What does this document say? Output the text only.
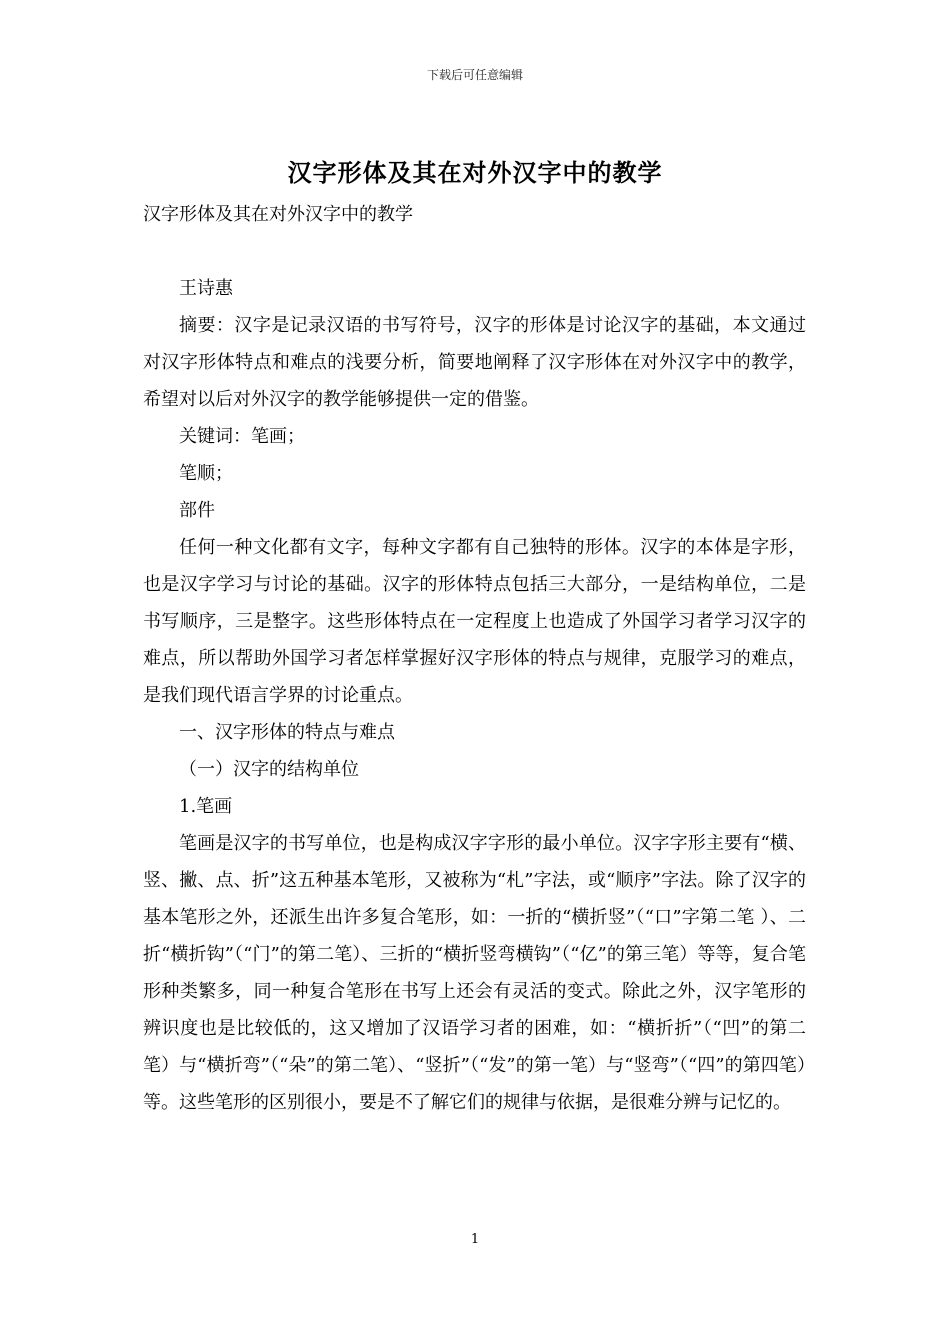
下载后可任意编辑
汉字形体及其在对外汉字中的教学
汉字形体及其在对外汉字中的教学

王诗惠

摘要：汉字是记录汉语的书写符号，汉字的形体是讨论汉字的基础，本文通过对汉字形体特点和难点的浅要分析，简要地阐释了汉字形体在对外汉字中的教学，希望对以后对外汉字的教学能够提供一定的借鉴。

关键词：笔画；

笔顺；

部件

任何一种文化都有文字，每种文字都有自己独特的形体。汉字的本体是字形，也是汉字学习与讨论的基础。汉字的形体特点包括三大部分，一是结构单位，二是书写顺序，三是整字。这些形体特点在一定程度上也造成了外国学习者学习汉字的难点，所以帮助外国学习者怎样掌握好汉字形体的特点与规律，克服学习的难点，是我们现代语言学界的讨论重点。

一、汉字形体的特点与难点

（一）汉字的结构单位

1.笔画

笔画是汉字的书写单位，也是构成汉字字形的最小单位。汉字字形主要有“横、竖、撇、点、折”这五种基本笔形，又被称为“札”字法，或“顺序”字法。除了汉字的基本笔形之外，还派生出许多复合笔形，如：一折的“横折竖”（“口”字第二笔 ）、二折“横折钩”（“门”的第二笔）、三折的“横折竖弯横钩”（“亿”的第三笔）等等，复合笔形种类繁多，同一种复合笔形在书写上还会有灵活的变式。除此之外，汉字笔形的辨识度也是比较低的，这又增加了汉语学习者的困难，如：“横折折”（“凹”的第二笔）与“横折弯”（“朵”的第二笔）、“竖折”（“发”的第一笔）与“竖弯”（“四”的第四笔）等。这些笔形的区别很小，要是不了解它们的规律与依据，是很难分辨与记忆的。

1
